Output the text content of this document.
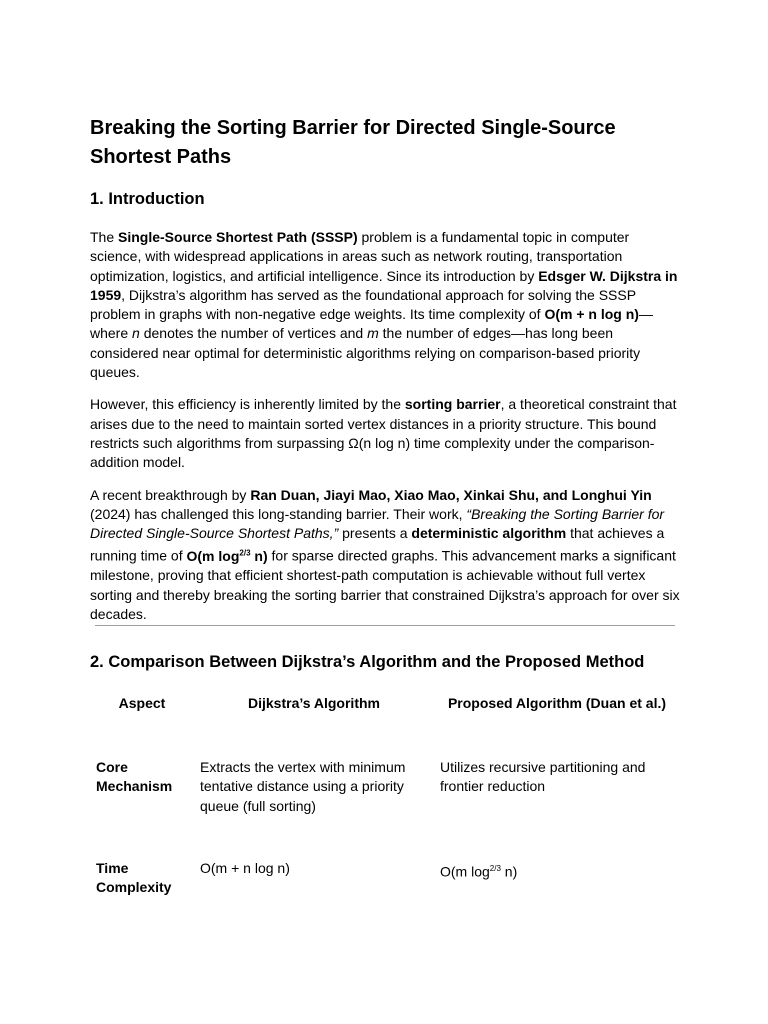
Breaking the Sorting Barrier for Directed Single-Source Shortest Paths
1. Introduction

The Single-Source Shortest Path (SSSP) problem is a fundamental topic in computer science, with widespread applications in areas such as network routing, transportation optimization, logistics, and artificial intelligence. Since its introduction by Edsger W. Dijkstra in 1959, Dijkstra’s algorithm has served as the foundational approach for solving the SSSP problem in graphs with non-negative edge weights. Its time complexity of O(m + n log n)—where n denotes the number of vertices and m the number of edges—has long been considered near optimal for deterministic algorithms relying on comparison-based priority queues.

However, this efficiency is inherently limited by the sorting barrier, a theoretical constraint that arises due to the need to maintain sorted vertex distances in a priority structure. This bound restricts such algorithms from surpassing Ω(n log n) time complexity under the comparison-addition model.

A recent breakthrough by Ran Duan, Jiayi Mao, Xiao Mao, Xinkai Shu, and Longhui Yin (2024) has challenged this long-standing barrier. Their work, “Breaking the Sorting Barrier for Directed Single-Source Shortest Paths,” presents a deterministic algorithm that achieves a running time of O(m $\log^{2/3} n$) for sparse directed graphs. This advancement marks a significant milestone, proving that efficient shortest-path computation is achievable without full vertex sorting and thereby breaking the sorting barrier that constrained Dijkstra’s approach for over six decades.

2. Comparison Between Dijkstra’s Algorithm and the Proposed Method
Aspect	Dijkstra’s Algorithm	Proposed Algorithm (Duan et al.)

Core Mechanism	Extracts the vertex with minimum tentative distance using a priority queue (full sorting)	Utilizes recursive partitioning and frontier reduction

Time Complexity	O(m + n log n)	O(m $\log^{2/3} n$)
